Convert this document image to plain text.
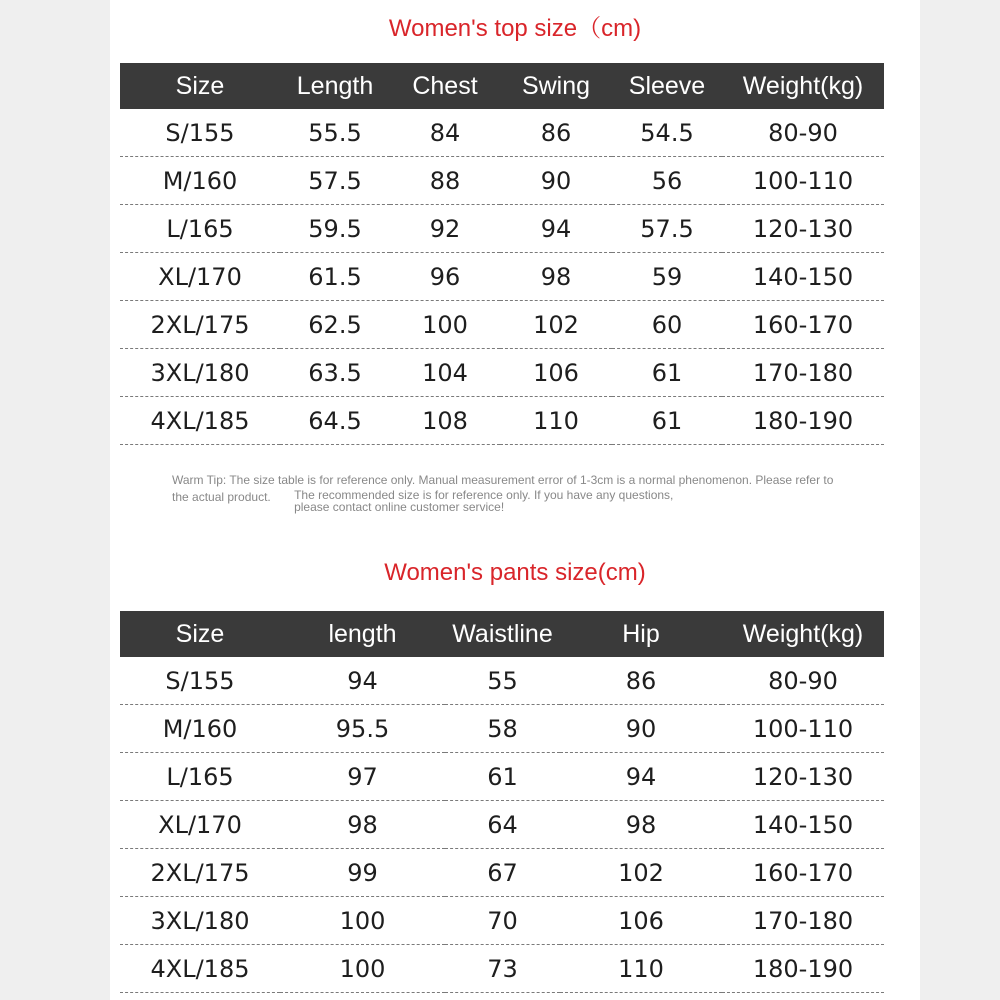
Women's top size（cm)
Size	Length	Chest	Swing	Sleeve	Weight(kg)
S/155	55.5	84	86	54.5	80-90
M/160	57.5	88	90	56	100-110
L/165	59.5	92	94	57.5	120-130
XL/170	61.5	96	98	59	140-150
2XL/175	62.5	100	102	60	160-170
3XL/180	63.5	104	106	61	170-180
4XL/185	64.5	108	110	61	180-190
Warm Tip: The size table is for reference only. Manual measurement error of 1-3cm is a normal phenomenon. Please refer to
the actual product. The recommended size is for reference only. If you have any questions,
please contact online customer service!
Women's pants size(cm)
Size	length	Waistline	Hip	Weight(kg)
S/155	94	55	86	80-90
M/160	95.5	58	90	100-110
L/165	97	61	94	120-130
XL/170	98	64	98	140-150
2XL/175	99	67	102	160-170
3XL/180	100	70	106	170-180
4XL/185	100	73	110	180-190
